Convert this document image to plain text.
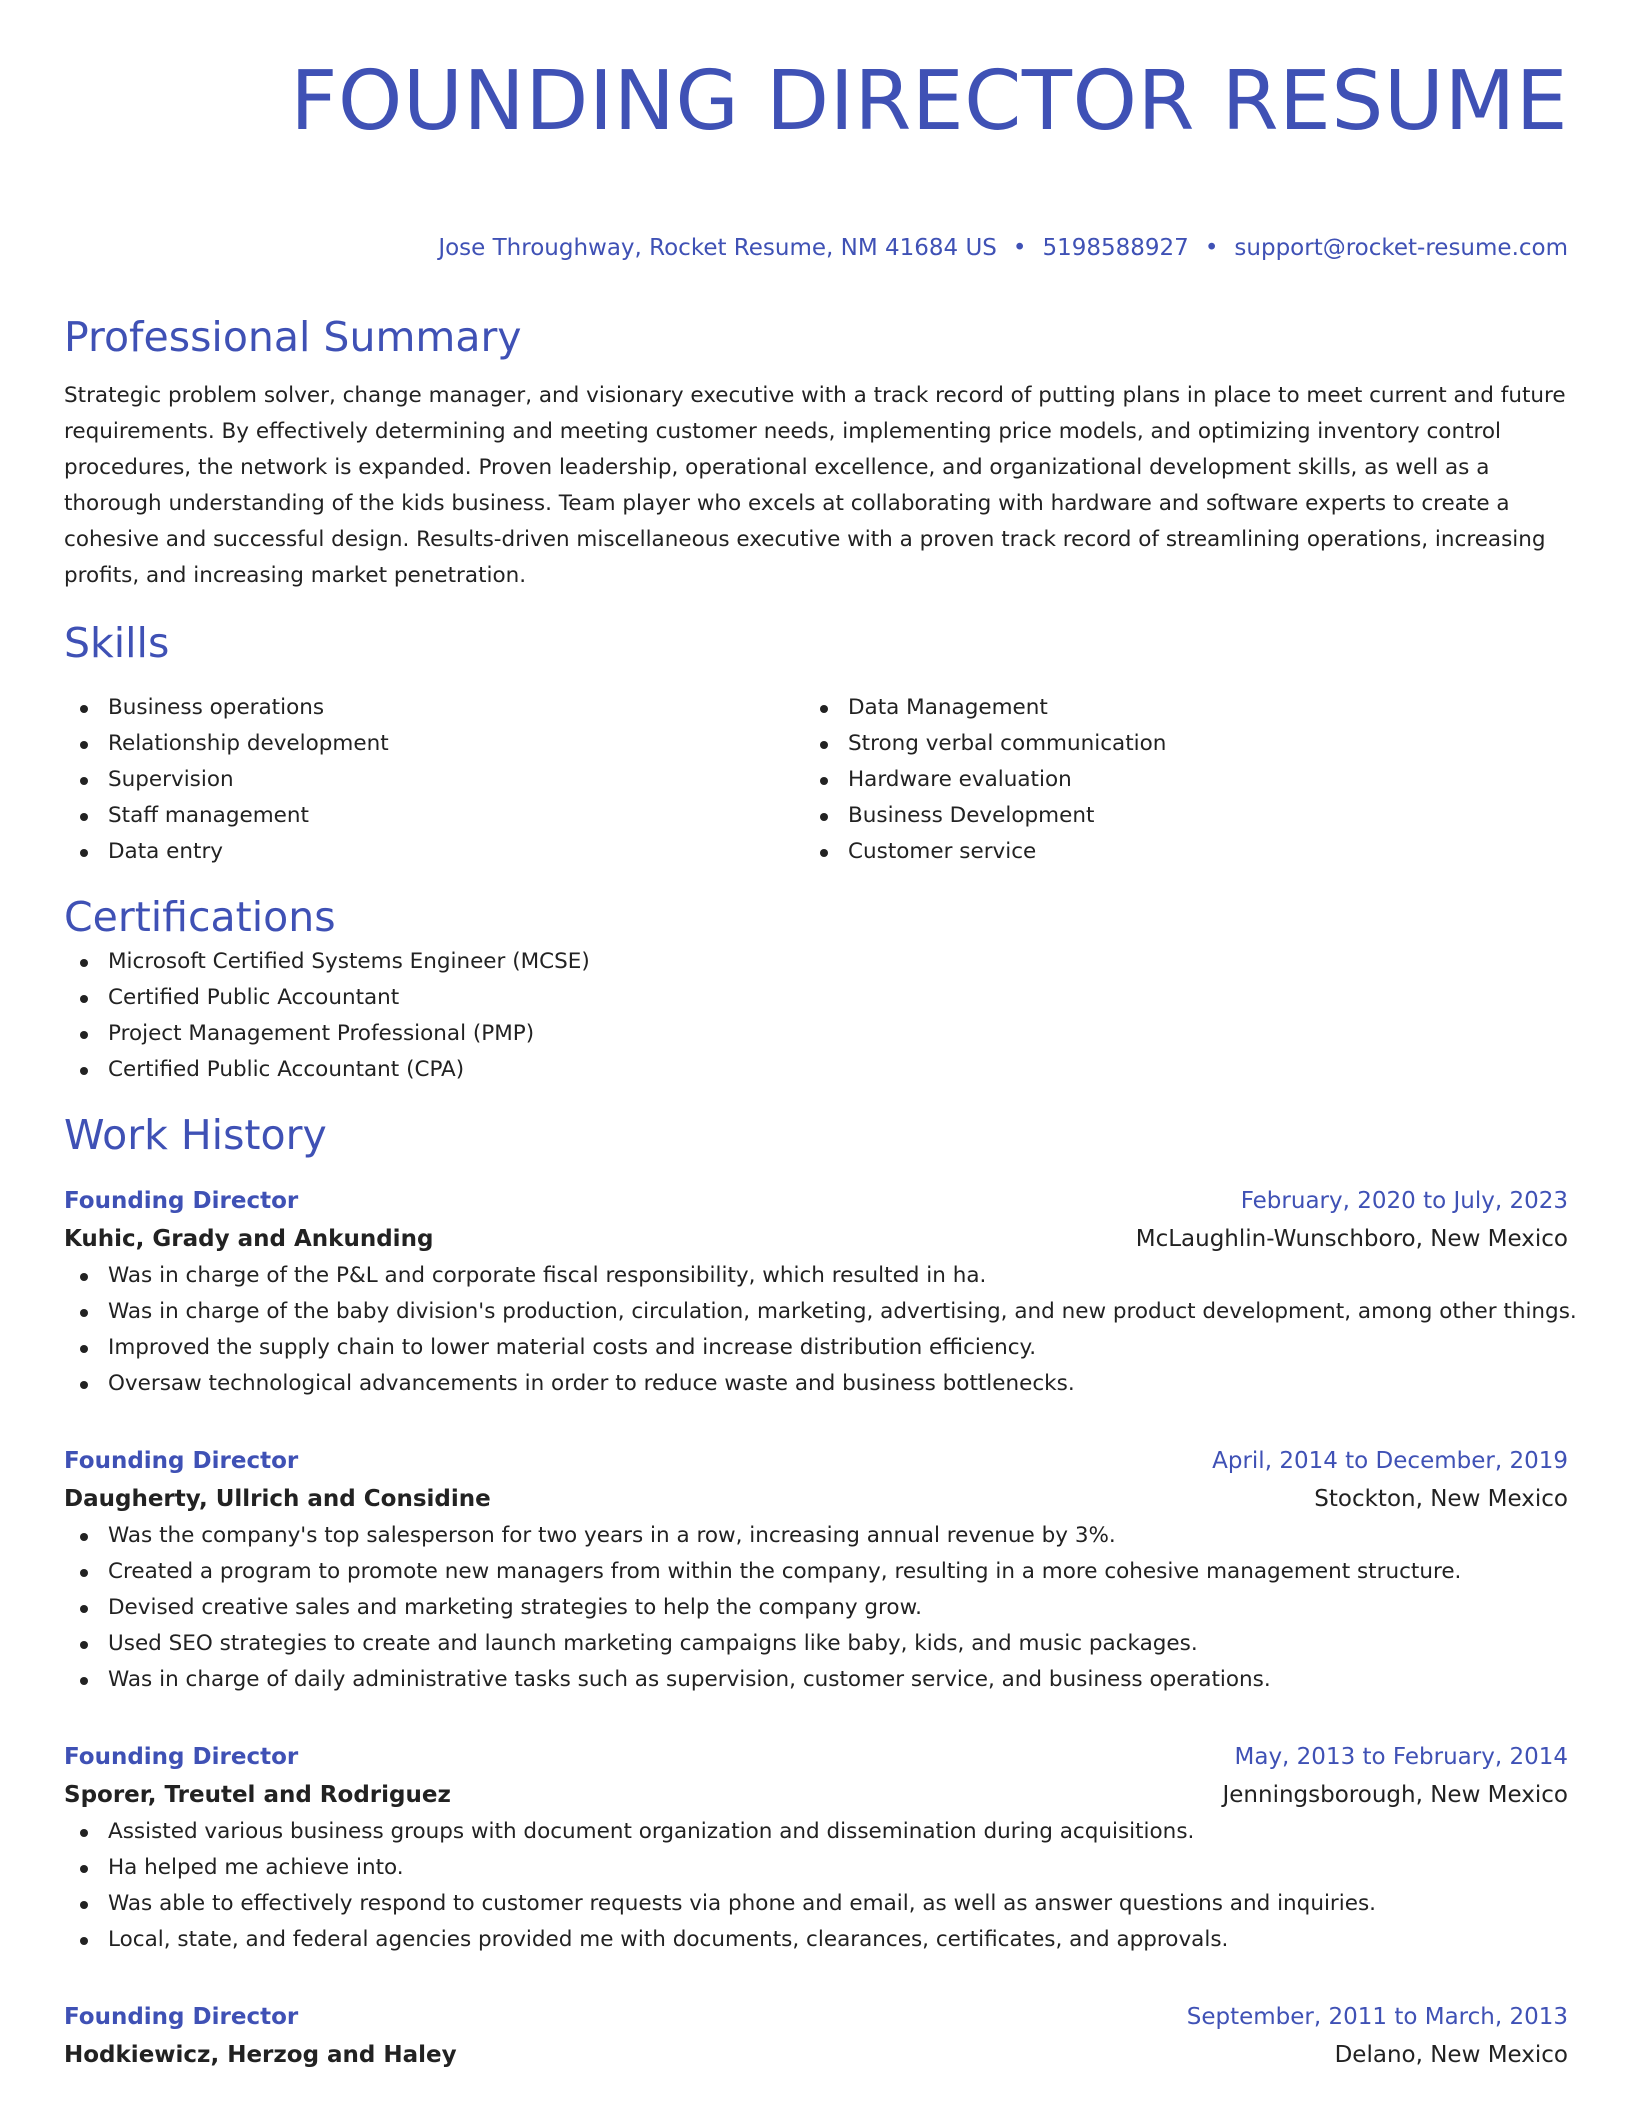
FOUNDING DIRECTOR RESUME
Jose Throughway, Rocket Resume, NM 41684 US • 5198588927 • support@rocket-resume.com
Professional Summary

Strategic problem solver, change manager, and visionary executive with a track record of putting plans in place to meet current and future requirements. By effectively determining and meeting customer needs, implementing price models, and optimizing inventory control procedures, the network is expanded. Proven leadership, operational excellence, and organizational development skills, as well as a thorough understanding of the kids business. Team player who excels at collaborating with hardware and software experts to create a cohesive and successful design. Results-driven miscellaneous executive with a proven track record of streamlining operations, increasing profits, and increasing market penetration.

Skills
Business operations
Relationship development
Supervision
Staff management
Data entry
Data Management
Strong verbal communication
Hardware evaluation
Business Development
Customer service
Certifications
Microsoft Certified Systems Engineer (MCSE)
Certified Public Accountant
Project Management Professional (PMP)
Certified Public Accountant (CPA)
Work History
Founding Director	February, 2020 to July, 2023
Kuhic, Grady and Ankunding	McLaughlin-Wunschboro, New Mexico
Was in charge of the P&L and corporate fiscal responsibility, which resulted in ha.
Was in charge of the baby division's production, circulation, marketing, advertising, and new product development, among other things.
Improved the supply chain to lower material costs and increase distribution efficiency.
Oversaw technological advancements in order to reduce waste and business bottlenecks.
Founding Director	April, 2014 to December, 2019
Daugherty, Ullrich and Considine	Stockton, New Mexico
Was the company's top salesperson for two years in a row, increasing annual revenue by 3%.
Created a program to promote new managers from within the company, resulting in a more cohesive management structure.
Devised creative sales and marketing strategies to help the company grow.
Used SEO strategies to create and launch marketing campaigns like baby, kids, and music packages.
Was in charge of daily administrative tasks such as supervision, customer service, and business operations.
Founding Director	May, 2013 to February, 2014
Sporer, Treutel and Rodriguez	Jenningsborough, New Mexico
Assisted various business groups with document organization and dissemination during acquisitions.
Ha helped me achieve into.
Was able to effectively respond to customer requests via phone and email, as well as answer questions and inquiries.
Local, state, and federal agencies provided me with documents, clearances, certificates, and approvals.
Founding Director	September, 2011 to March, 2013
Hodkiewicz, Herzog and Haley	Delano, New Mexico
